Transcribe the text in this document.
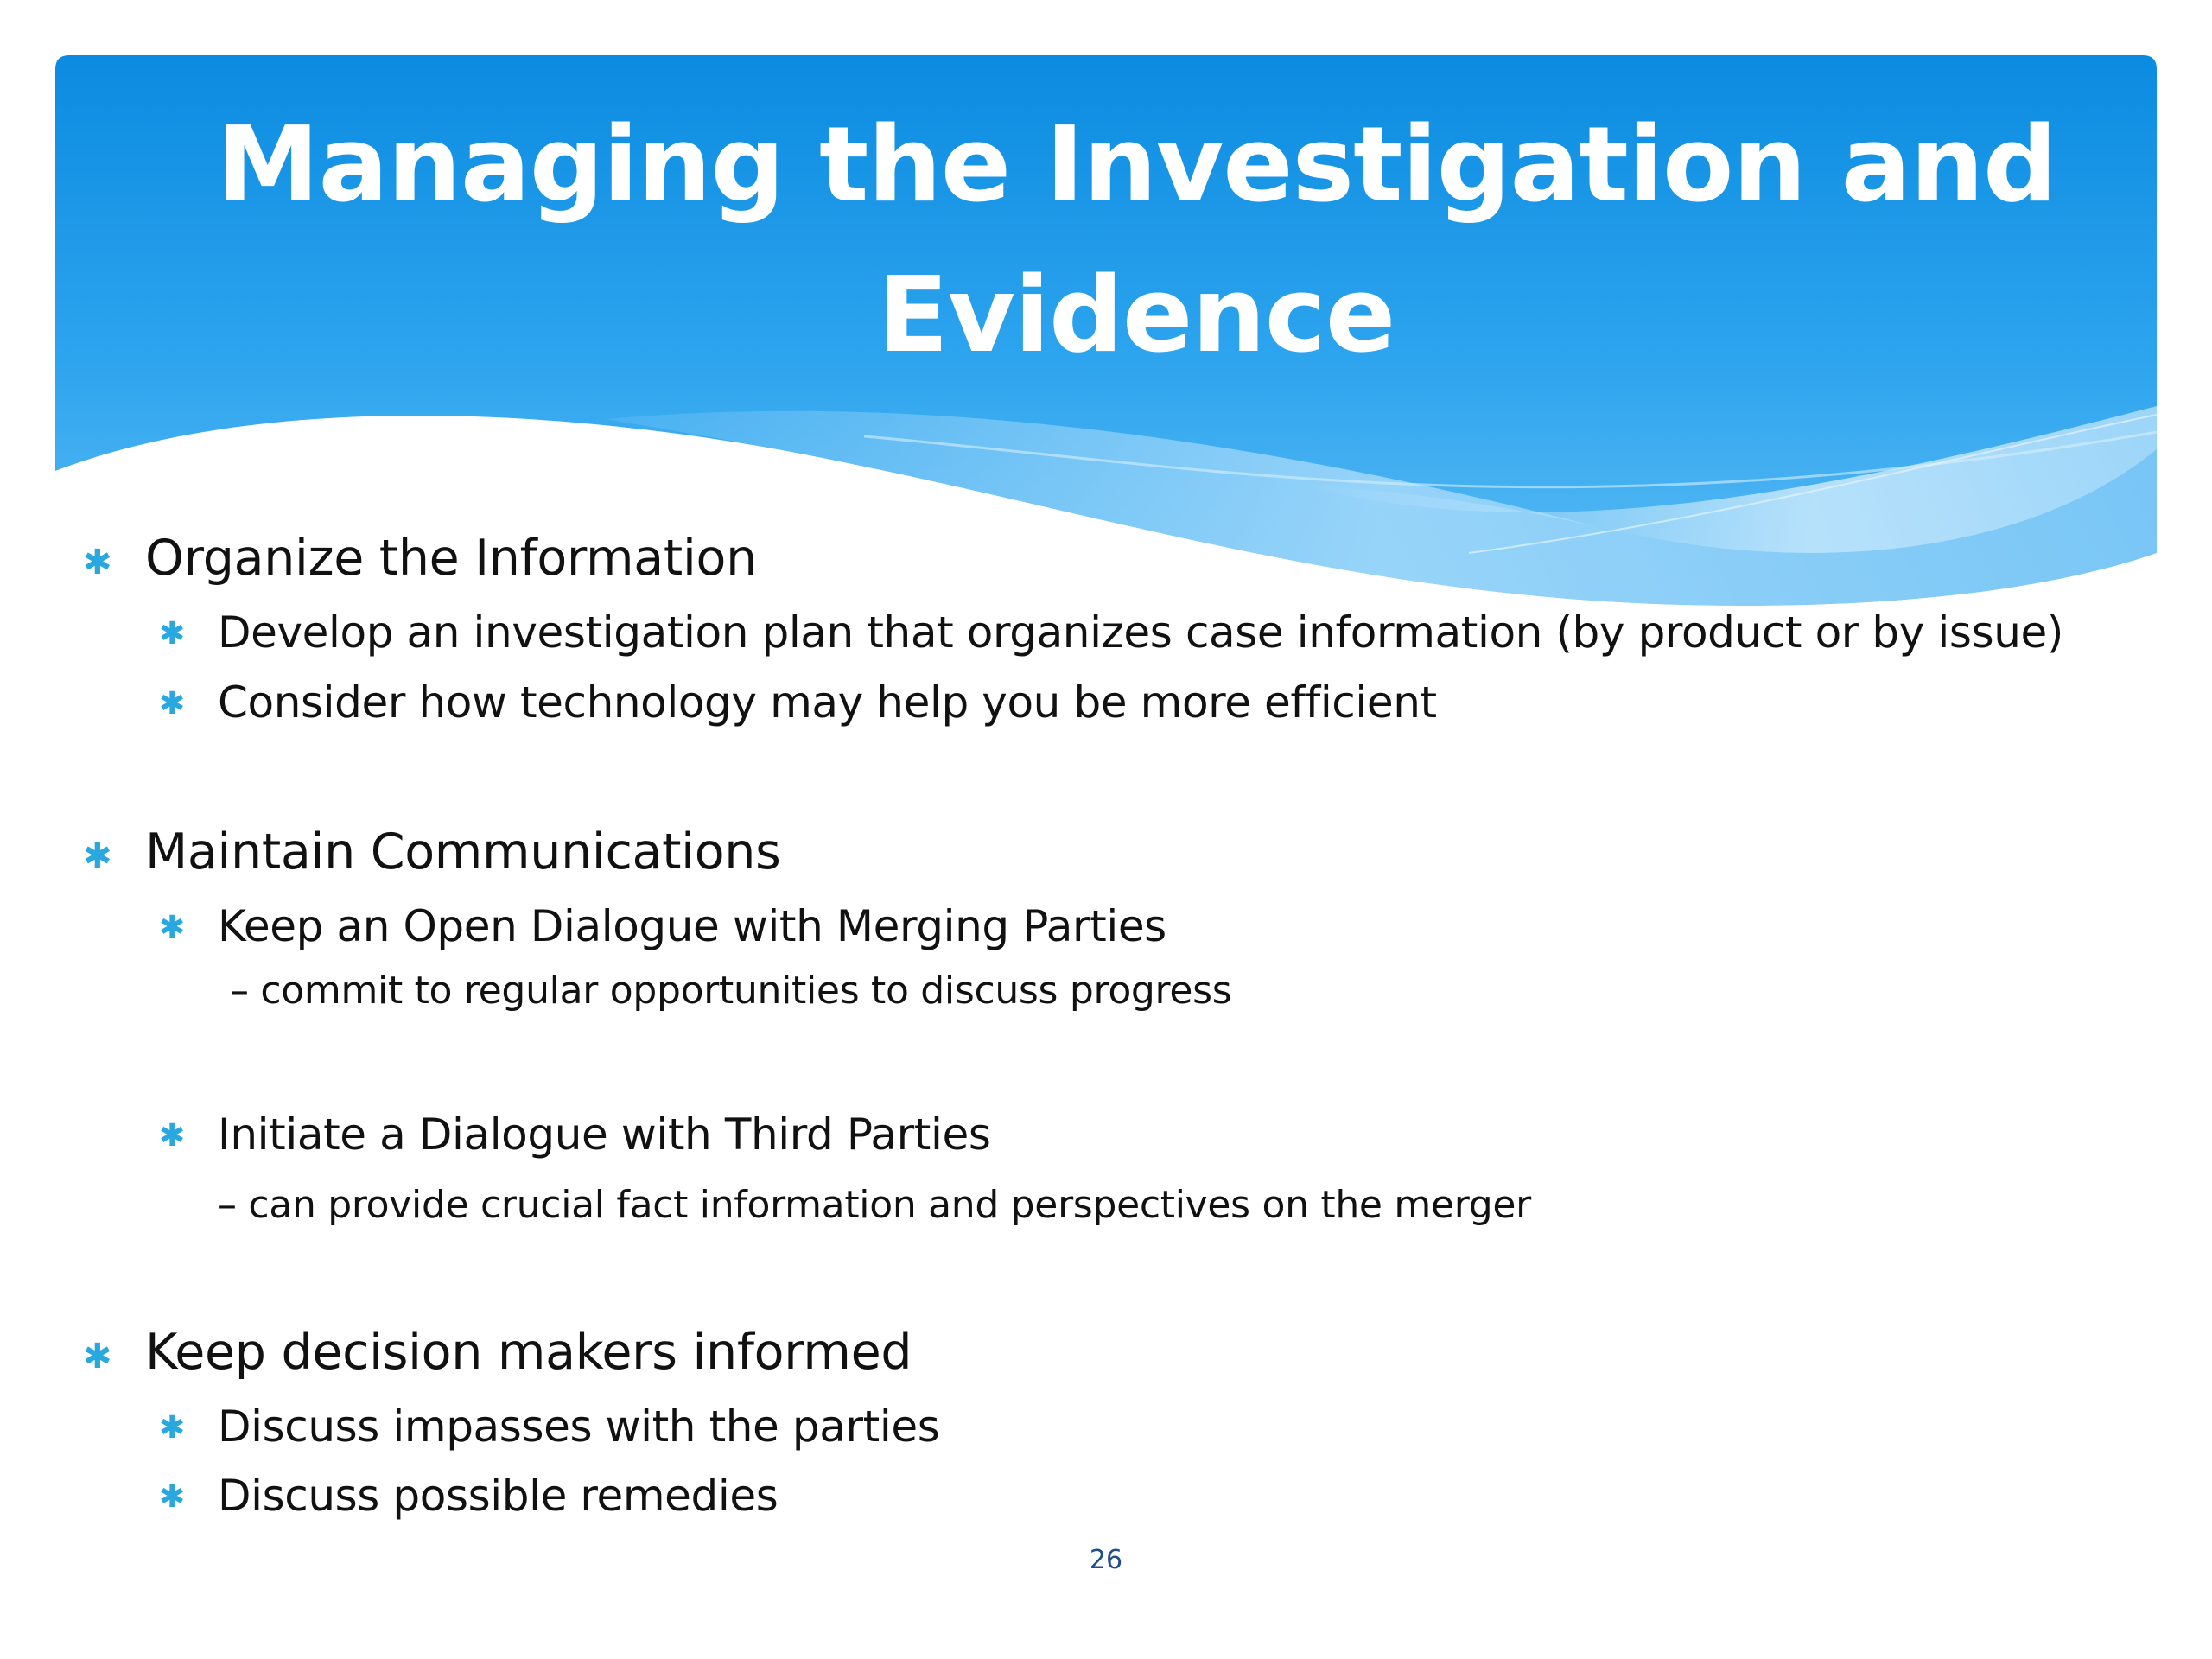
Managing the Investigation and Evidence
✱ Organize the Information
✱ Develop an investigation plan that organizes case information (by product or by issue)
✱ Consider how technology may help you be more efficient
✱ Maintain Communications
✱ Keep an Open Dialogue with Merging Parties
– commit to regular opportunities to discuss progress
✱ Initiate a Dialogue with Third Parties
– can provide crucial fact information and perspectives on the merger
✱ Keep decision makers informed
✱ Discuss impasses with the parties
✱ Discuss possible remedies
26
